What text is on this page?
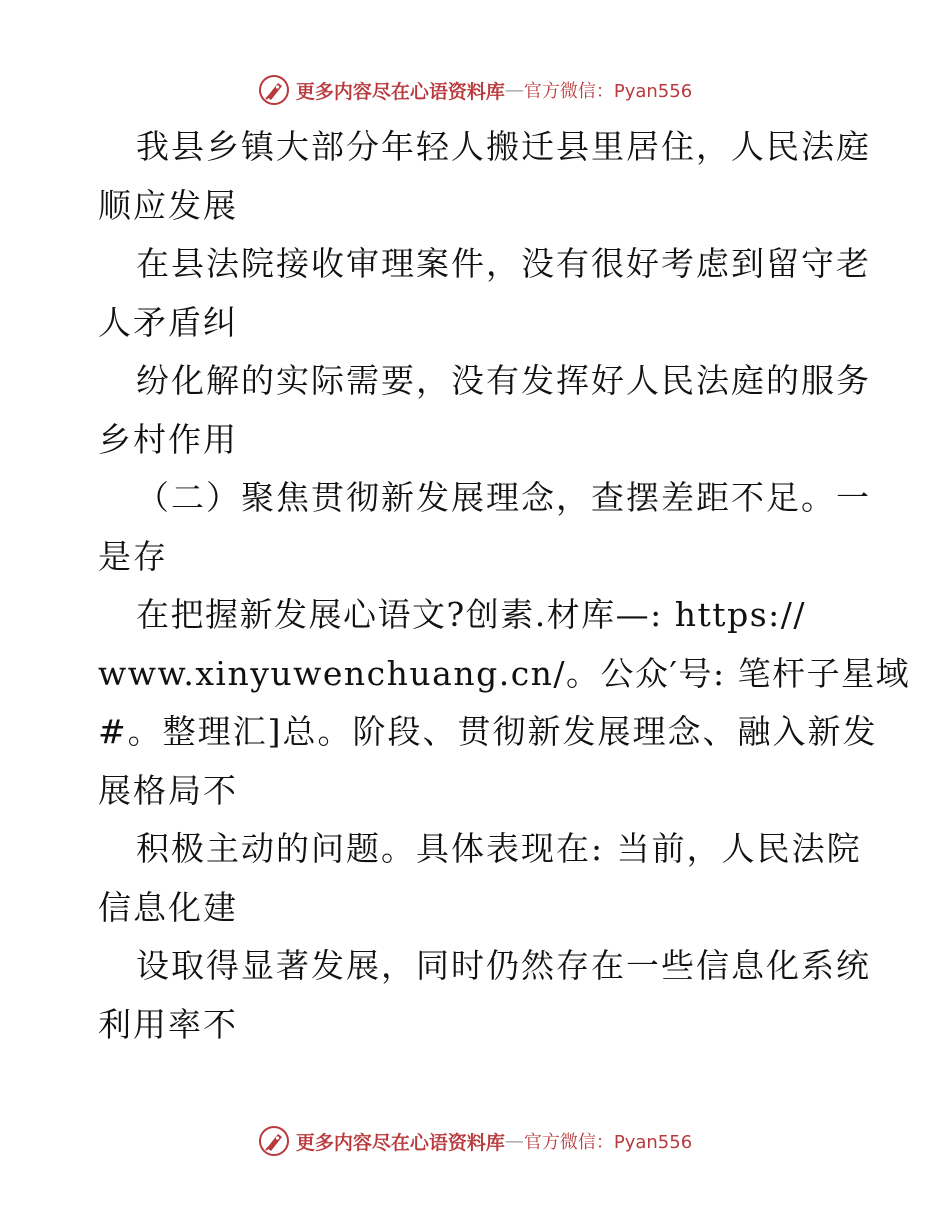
更多内容尽在心语资料库 — 官方微信：Pyan556
我县乡镇大部分年轻人搬迁县里居住，人民法庭
顺应发展
在县法院接收审理案件，没有很好考虑到留守老
人矛盾纠
纷化解的实际需要，没有发挥好人民法庭的服务
乡村作用
（二）聚焦贯彻新发展理念，查摆差距不足。一
是存
在把握新发展心语文?创素.材库—: https://
www.xinyuwenchuang.cn/。公众′号: 笔杆子星域
#。整理汇]总。阶段、贯彻新发展理念、融入新发
展格局不
积极主动的问题。具体表现在: 当前，人民法院
信息化建
设取得显著发展，同时仍然存在一些信息化系统
利用率不
更多内容尽在心语资料库 — 官方微信：Pyan556
